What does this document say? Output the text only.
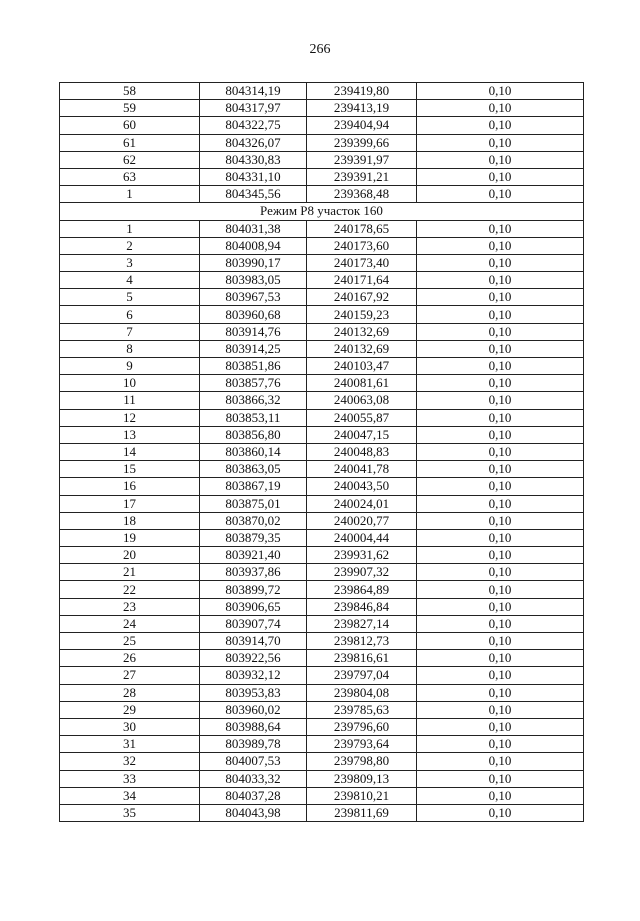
266
58	804314,19	239419,80	0,10
59	804317,97	239413,19	0,10
60	804322,75	239404,94	0,10
61	804326,07	239399,66	0,10
62	804330,83	239391,97	0,10
63	804331,10	239391,21	0,10
1	804345,56	239368,48	0,10
Режим Р8 участок 160			
1	804031,38	240178,65	0,10
2	804008,94	240173,60	0,10
3	803990,17	240173,40	0,10
4	803983,05	240171,64	0,10
5	803967,53	240167,92	0,10
6	803960,68	240159,23	0,10
7	803914,76	240132,69	0,10
8	803914,25	240132,69	0,10
9	803851,86	240103,47	0,10
10	803857,76	240081,61	0,10
11	803866,32	240063,08	0,10
12	803853,11	240055,87	0,10
13	803856,80	240047,15	0,10
14	803860,14	240048,83	0,10
15	803863,05	240041,78	0,10
16	803867,19	240043,50	0,10
17	803875,01	240024,01	0,10
18	803870,02	240020,77	0,10
19	803879,35	240004,44	0,10
20	803921,40	239931,62	0,10
21	803937,86	239907,32	0,10
22	803899,72	239864,89	0,10
23	803906,65	239846,84	0,10
24	803907,74	239827,14	0,10
25	803914,70	239812,73	0,10
26	803922,56	239816,61	0,10
27	803932,12	239797,04	0,10
28	803953,83	239804,08	0,10
29	803960,02	239785,63	0,10
30	803988,64	239796,60	0,10
31	803989,78	239793,64	0,10
32	804007,53	239798,80	0,10
33	804033,32	239809,13	0,10
34	804037,28	239810,21	0,10
35	804043,98	239811,69	0,10
